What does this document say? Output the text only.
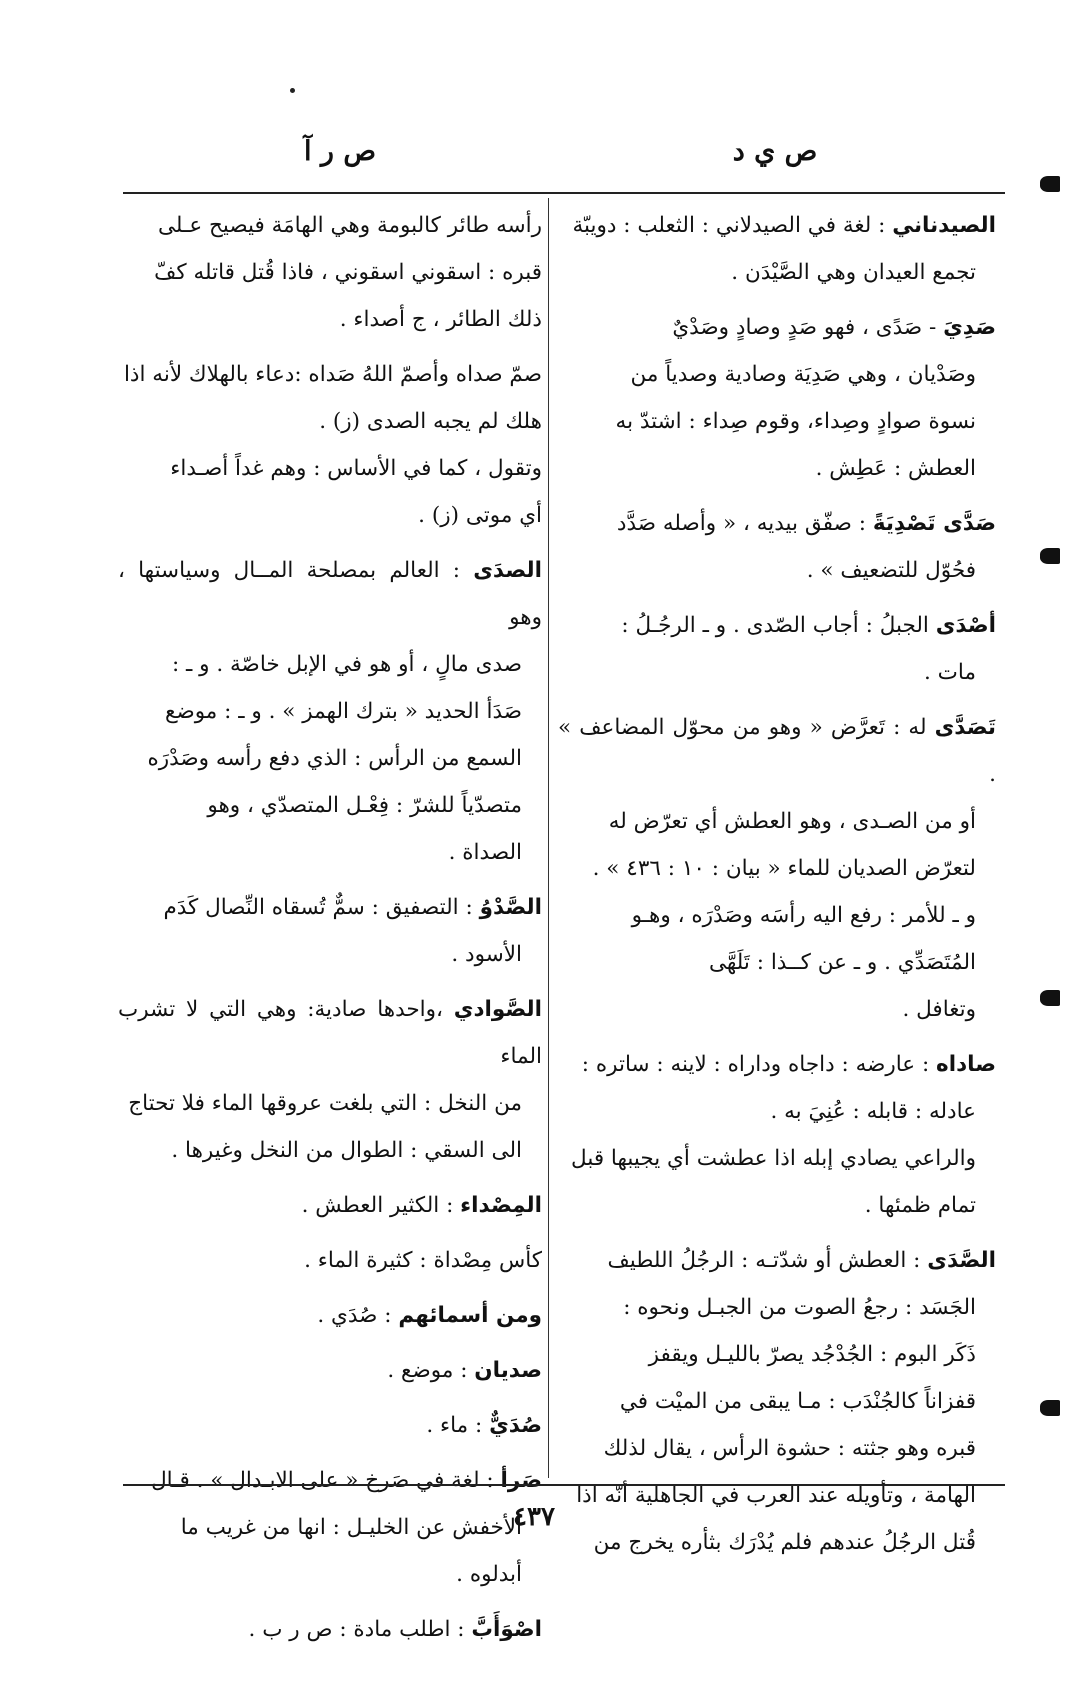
ص ي د
ص ر آ

الصيدناني : لغة في الصيدلاني : الثعلب : دويبّة

تجمع العيدان وهي الصَّيْدَن .

صَدِيَ - صَدًى ، فهو صَدٍ وصادٍ وصَدْيٌ

وصَدْيان ، وهي صَدِيَة وصادية وصدياً من

نسوة صوادٍ وصِداء، وقوم صِداء : اشتدّ به

العطش : عَطِش .

صَدَّى تَصْدِيَةً : صفّق بيديه ، « وأصله صَدَّد

فحُوّل للتضعيف » .

أصْدَى الجبلُ : أجاب الصّدى . و ـ الرجُـلُ :

مات .

تَصَدَّى له : تَعرَّض « وهو من محوّل المضاعف » .

أو من الصـدى ، وهو العطش أي تعرّض له

لتعرّض الصديان للماء « بيان : ١٠ : ٤٣٦ » .

و ـ للأمر : رفع اليه رأسَه وصَدْرَه ، وهـو

المُتَصَدِّي . و ـ عن كــذا : تَلَهَّى

وتغافل .

صاداه : عارضه : داجاه وداراه : لاينه : ساتره :

عادله : قابله : عُنِيَ به .

والراعي يصادي إبله اذا عطشت أي يجيبها قبل

تمام ظمئها .

الصَّدَى : العطش أو شدّتـه : الرجُلُ اللطيف

الجَسَد : رجعُ الصوت من الجبـل ونحوه :

ذَكَر البوم : الجُدْجُد يصرّ بالليـل ويقفز

قفزاناً كالجُنْدَب : مـا يبقى من الميْت في

قبره وهو جثته : حشوة الرأس ، يقال لذلك

الهامة ، وتأويله عند العرب في الجاهلية أنّه اذا

قُتل الرجُلُ عندهم فلم يُدْرَك بثأره يخرج من

رأسه طائر كالبومة وهي الهامَة فيصيح عـلى

قبره : اسقوني اسقوني ، فاذا قُتل قاتله كفّ

ذلك الطائر ، ج أصداء .

صمّ صداه وأصمّ اللهُ صَداه :دعاء بالهلاك لأنه اذا

هلك لم يجبه الصدى (ز) .

وتقول ، كما في الأساس : وهم غداً أصـداء

أي موتى (ز) .

الصدَى : العالم بمصلحة المــال وسياستها ، وهو

صدى مالٍ ، أو هو في الإبل خاصّة . و ـ :

صَدَأ الحديد « بترك الهمز » . و ـ : موضع

السمع من الرأس : الذي دفع رأسه وصَدْرَه

متصدّياً للشرّ : فِعْـل المتصدّي ، وهو

الصداة .

الصَّدْوُ : التصفيق : سمٌّ تُسقاه النِّصال كَدَم

الأسود .

الصَّوادي ،واحدها صادية: وهي التي لا تشرب الماء

من النخل : التي بلغت عروقها الماء فلا تحتاج

الى السقي : الطوال من النخل وغيرها .

المِصْداء : الكثير العطش .

كأس مِصْداة : كثيرة الماء .

ومن أسمائهم : صُدَي .

صديان : موضع .

صُدَيٌّ : ماء .

صَرأ : لغة في صَرخ « على الابـدال » . قـال

الأخفش عن الخليـل : انها من غريب ما

أبدلوه .

اصْوَأَبَّ : اطلب مادة : ص ر ب .

٤٣٧
